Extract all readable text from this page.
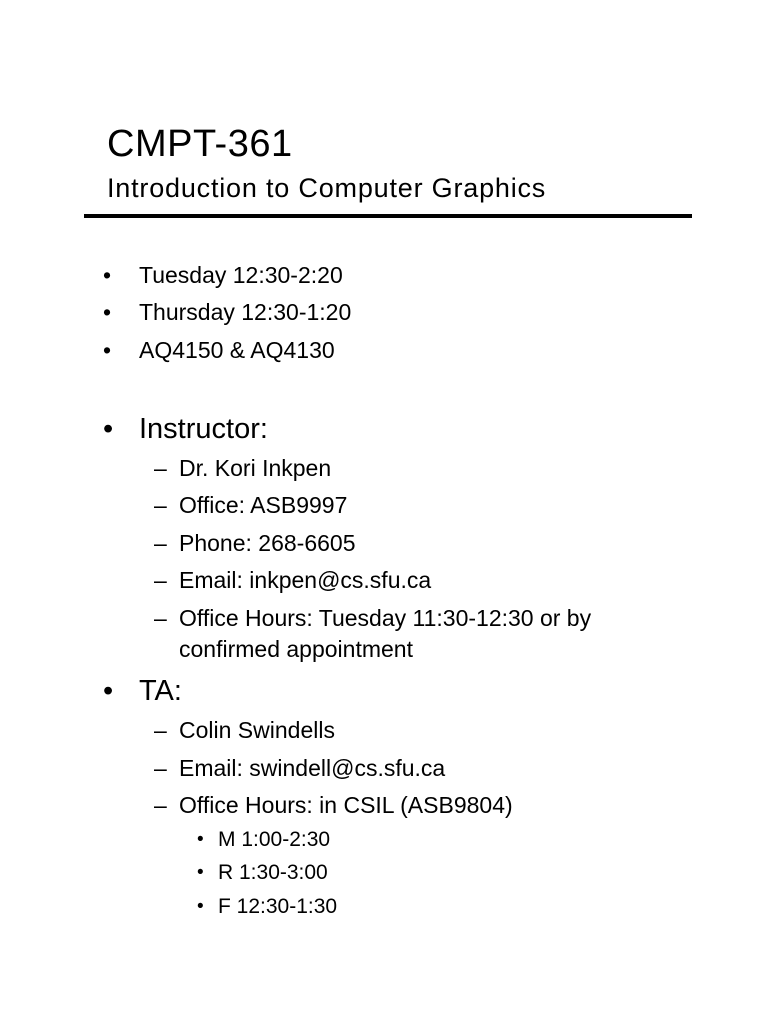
CMPT-361
Introduction to Computer Graphics
• Tuesday 12:30-2:20
• Thursday 12:30-1:20
• AQ4150 & AQ4130
• Instructor:
– Dr. Kori Inkpen
– Office: ASB9997
– Phone: 268-6605
– Email: inkpen@cs.sfu.ca
– Office Hours: Tuesday 11:30-12:30 or by
confirmed appointment
• TA:
– Colin Swindells
– Email: swindell@cs.sfu.ca
– Office Hours: in CSIL (ASB9804)
• M 1:00-2:30
• R 1:30-3:00
• F 12:30-1:30
